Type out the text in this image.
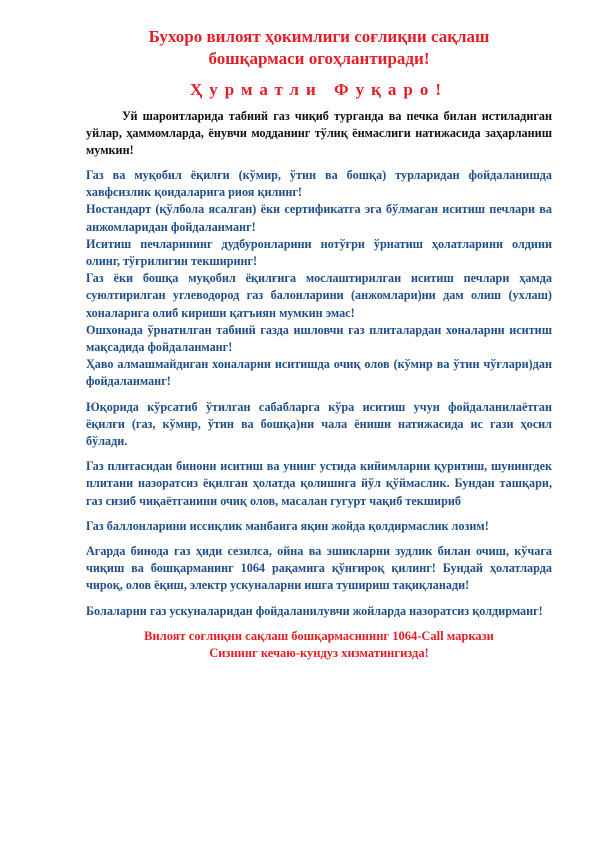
Бухоро вилоят ҳокимлиги соғлиқни сақлаш
бошқармаси огоҳлантиради!

Ҳурматли Фуқаро!

Уй шароитларида табиий газ чиқиб турганда ва печка билан истиладиган уйлар, ҳаммомларда, ёнувчи модданинг тўлиқ ёнмаслиги натижасида заҳарланиш мумкин!

Газ ва муқобил ёқилғи (кўмир, ўтин ва бошқа) турларидан фойдаланишда хавфсизлик қоидаларига риоя қилинг!

Ностандарт (қўлбола ясалган) ёки сертификатга эга бўлмаган иситиш печлари ва анжомларидан фойдаланманг!

Иситиш печларининг дудбуронларини нотўғри ўрнатиш ҳолатларини олдини олинг, тўғрилигин текширинг!

Газ ёки бошқа муқобил ёқилғига мослаштирилган иситиш печлари ҳамда суюлтирилган углеводород газ балонларини (анжомлари)ни дам олиш (ухлаш) хоналарига олиб кириши қатъиян мумкин эмас!

Ошхонада ўрнатилган табиий газда ишловчи газ плиталардан хоналарни иситиш мақсадида фойдаланманг!

Ҳаво алмашмайдиган хоналарни иситишда очиқ олов (кўмир ва ўтин чўғлари)дан фойдаланманг!

Юқорида кўрсатиб ўтилган сабабларга кўра иситиш учун фойдаланилаётган ёқилғи (газ, кўмир, ўтин ва бошқа)ни чала ёниши натижасида ис гази ҳосил бўлади.

Газ плитасидан бинони иситиш ва унинг устида кийимларни қуритиш, шунингдек плитани назоратсиз ёқилган ҳолатда қолишига йўл қўймаслик. Бундан ташқари, газ сизиб чиқаётганини очиқ олов, масалан гугурт чақиб текшириб

Газ баллонларини иссиқлик манбаига яқин жойда қолдирмаслик лозим!

Агарда бинода газ ҳиди сезилса, ойна ва эшикларни зудлик билан очиш, кўчага чиқиш ва бошқарманинг 1064 рақамига қўнғироқ қилинг! Бундай ҳолатларда чироқ, олов ёқиш, электр ускуналарни ишга тушириш тақиқланади!

Болаларни газ ускуналаридан фойдаланилувчи жойларда назоратсиз қолдирманг!

Вилоят соғлиқни сақлаш бошқармасининг 1064-Call маркази
Сизнинг кечаю-кундуз хизматингизда!
